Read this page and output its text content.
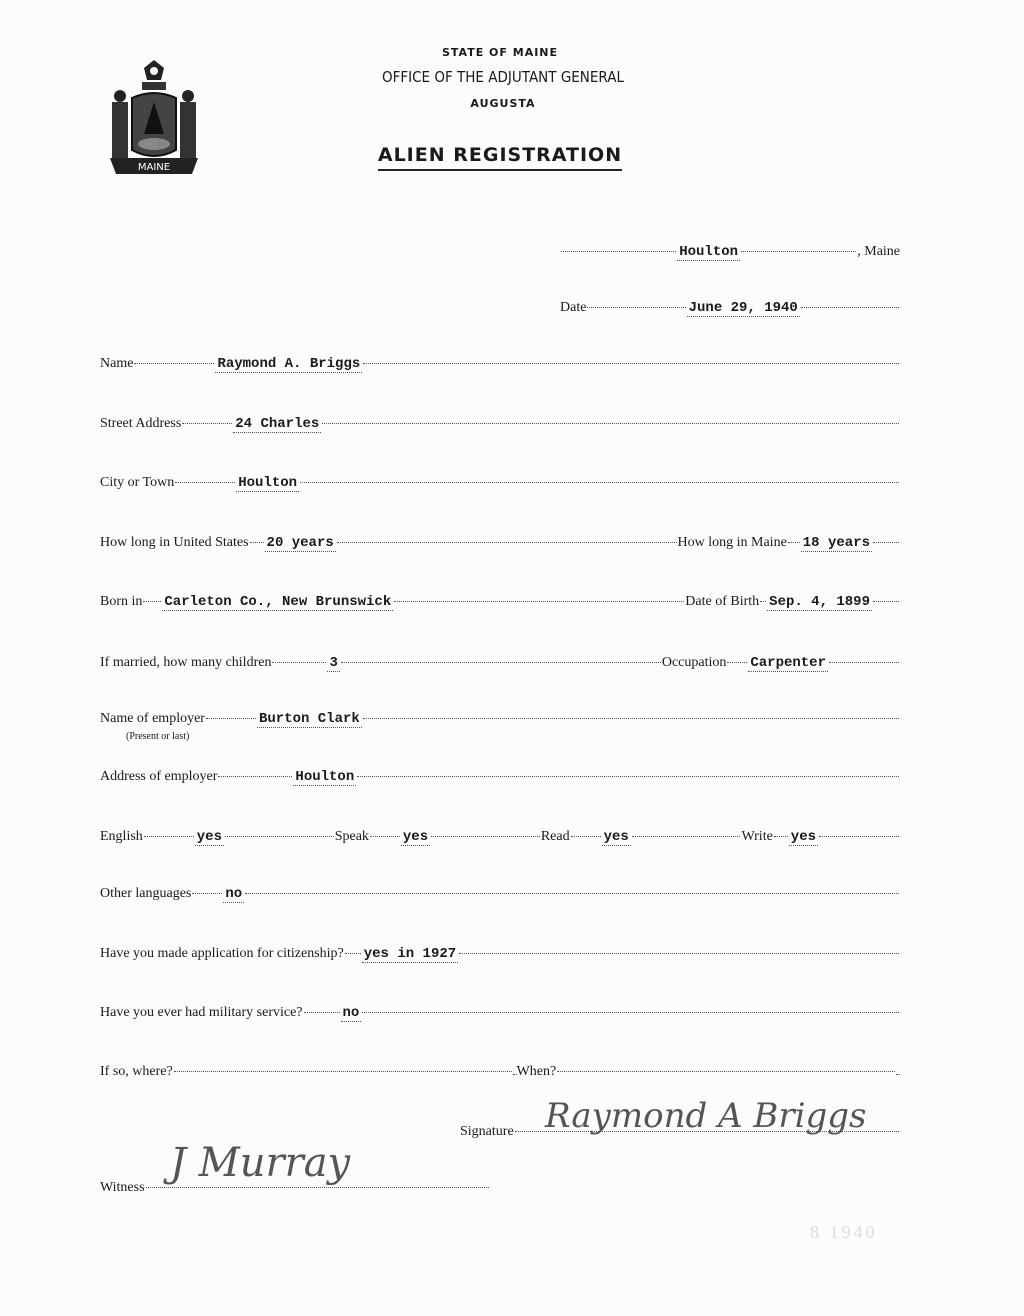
STATE OF MAINE
OFFICE OF THE ADJUTANT GENERAL
AUGUSTA
ALIEN REGISTRATION
MAINE
Houlton	, Maine
Date	June 29, 1940
Name	Raymond A. Briggs
Street Address	24 Charles
City or Town	Houlton
How long in United States 20 years	How long in Maine 18 years
Born in Carleton Co., New Brunswick	Date of Birth Sep. 4, 1899
If married, how many children	3	Occupation Carpenter
Name of employer	Burton Clark
(Present or last)
Address of employer	Houlton
English	yes	Speak yes	Read yes	Write yes
Other languages no
Have you made application for citizenship? yes in 1927
Have you ever had military service?	no
If so, where?	When?
Signature Raymond A Briggs
Witness
J Murray
8 1940
